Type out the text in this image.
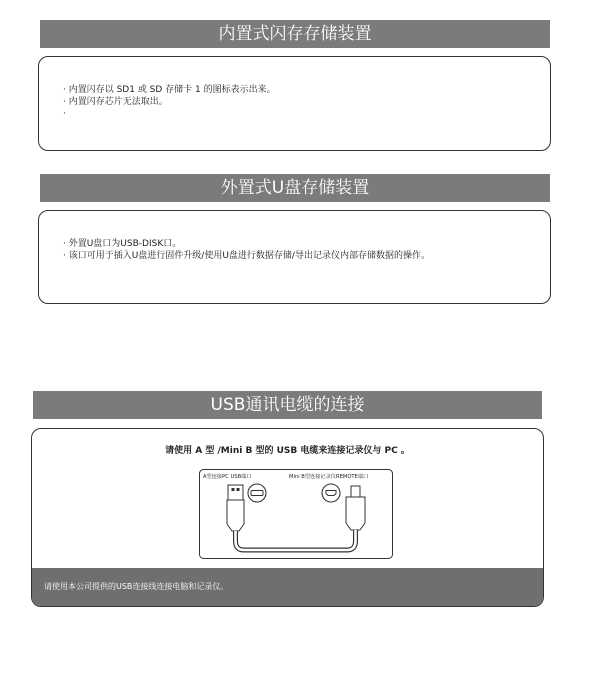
内置式闪存存储装置
· 内置闪存以 SD1 或 SD 存储卡 1 的图标表示出来。
· 内置闪存芯片无法取出。
·
外置式U盘存储装置
· 外置U盘口为USB-DISK口。
· 该口可用于插入U盘进行固件升级/使用U盘进行数据存储/导出记录仪内部存储数据的操作。
USB通讯电缆的连接
请使用 A 型 /Mini B 型的 USB 电缆来连接记录仪与 PC 。
A型连接PC USB端口	Mini B型连接记录仪REMOTE端口
请使用本公司提供的USB连接线连接电脑和记录仪。
